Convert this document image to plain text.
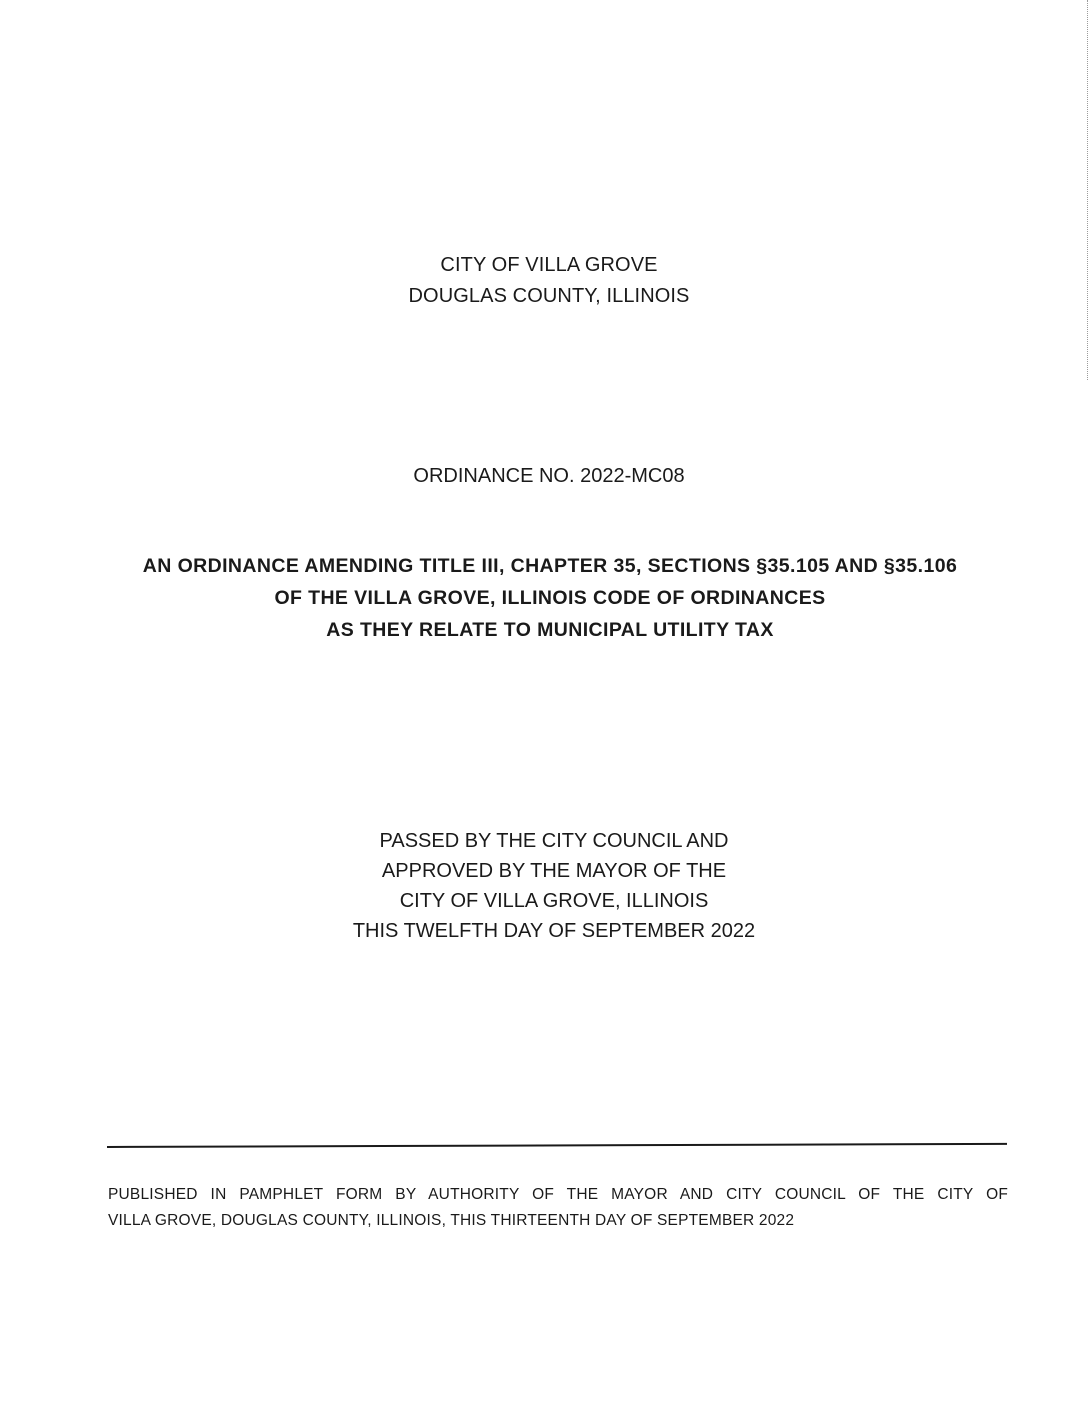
CITY OF VILLA GROVE
DOUGLAS COUNTY, ILLINOIS
ORDINANCE NO. 2022-MC08
AN ORDINANCE AMENDING TITLE III, CHAPTER 35, SECTIONS §35.105 AND §35.106
OF THE VILLA GROVE, ILLINOIS CODE OF ORDINANCES
AS THEY RELATE TO MUNICIPAL UTILITY TAX
PASSED BY THE CITY COUNCIL AND
APPROVED BY THE MAYOR OF THE
CITY OF VILLA GROVE, ILLINOIS
THIS TWELFTH DAY OF SEPTEMBER 2022
PUBLISHED IN PAMPHLET FORM BY AUTHORITY OF THE MAYOR AND CITY COUNCIL OF THE CITY OF
VILLA GROVE, DOUGLAS COUNTY, ILLINOIS, THIS THIRTEENTH DAY OF SEPTEMBER 2022
